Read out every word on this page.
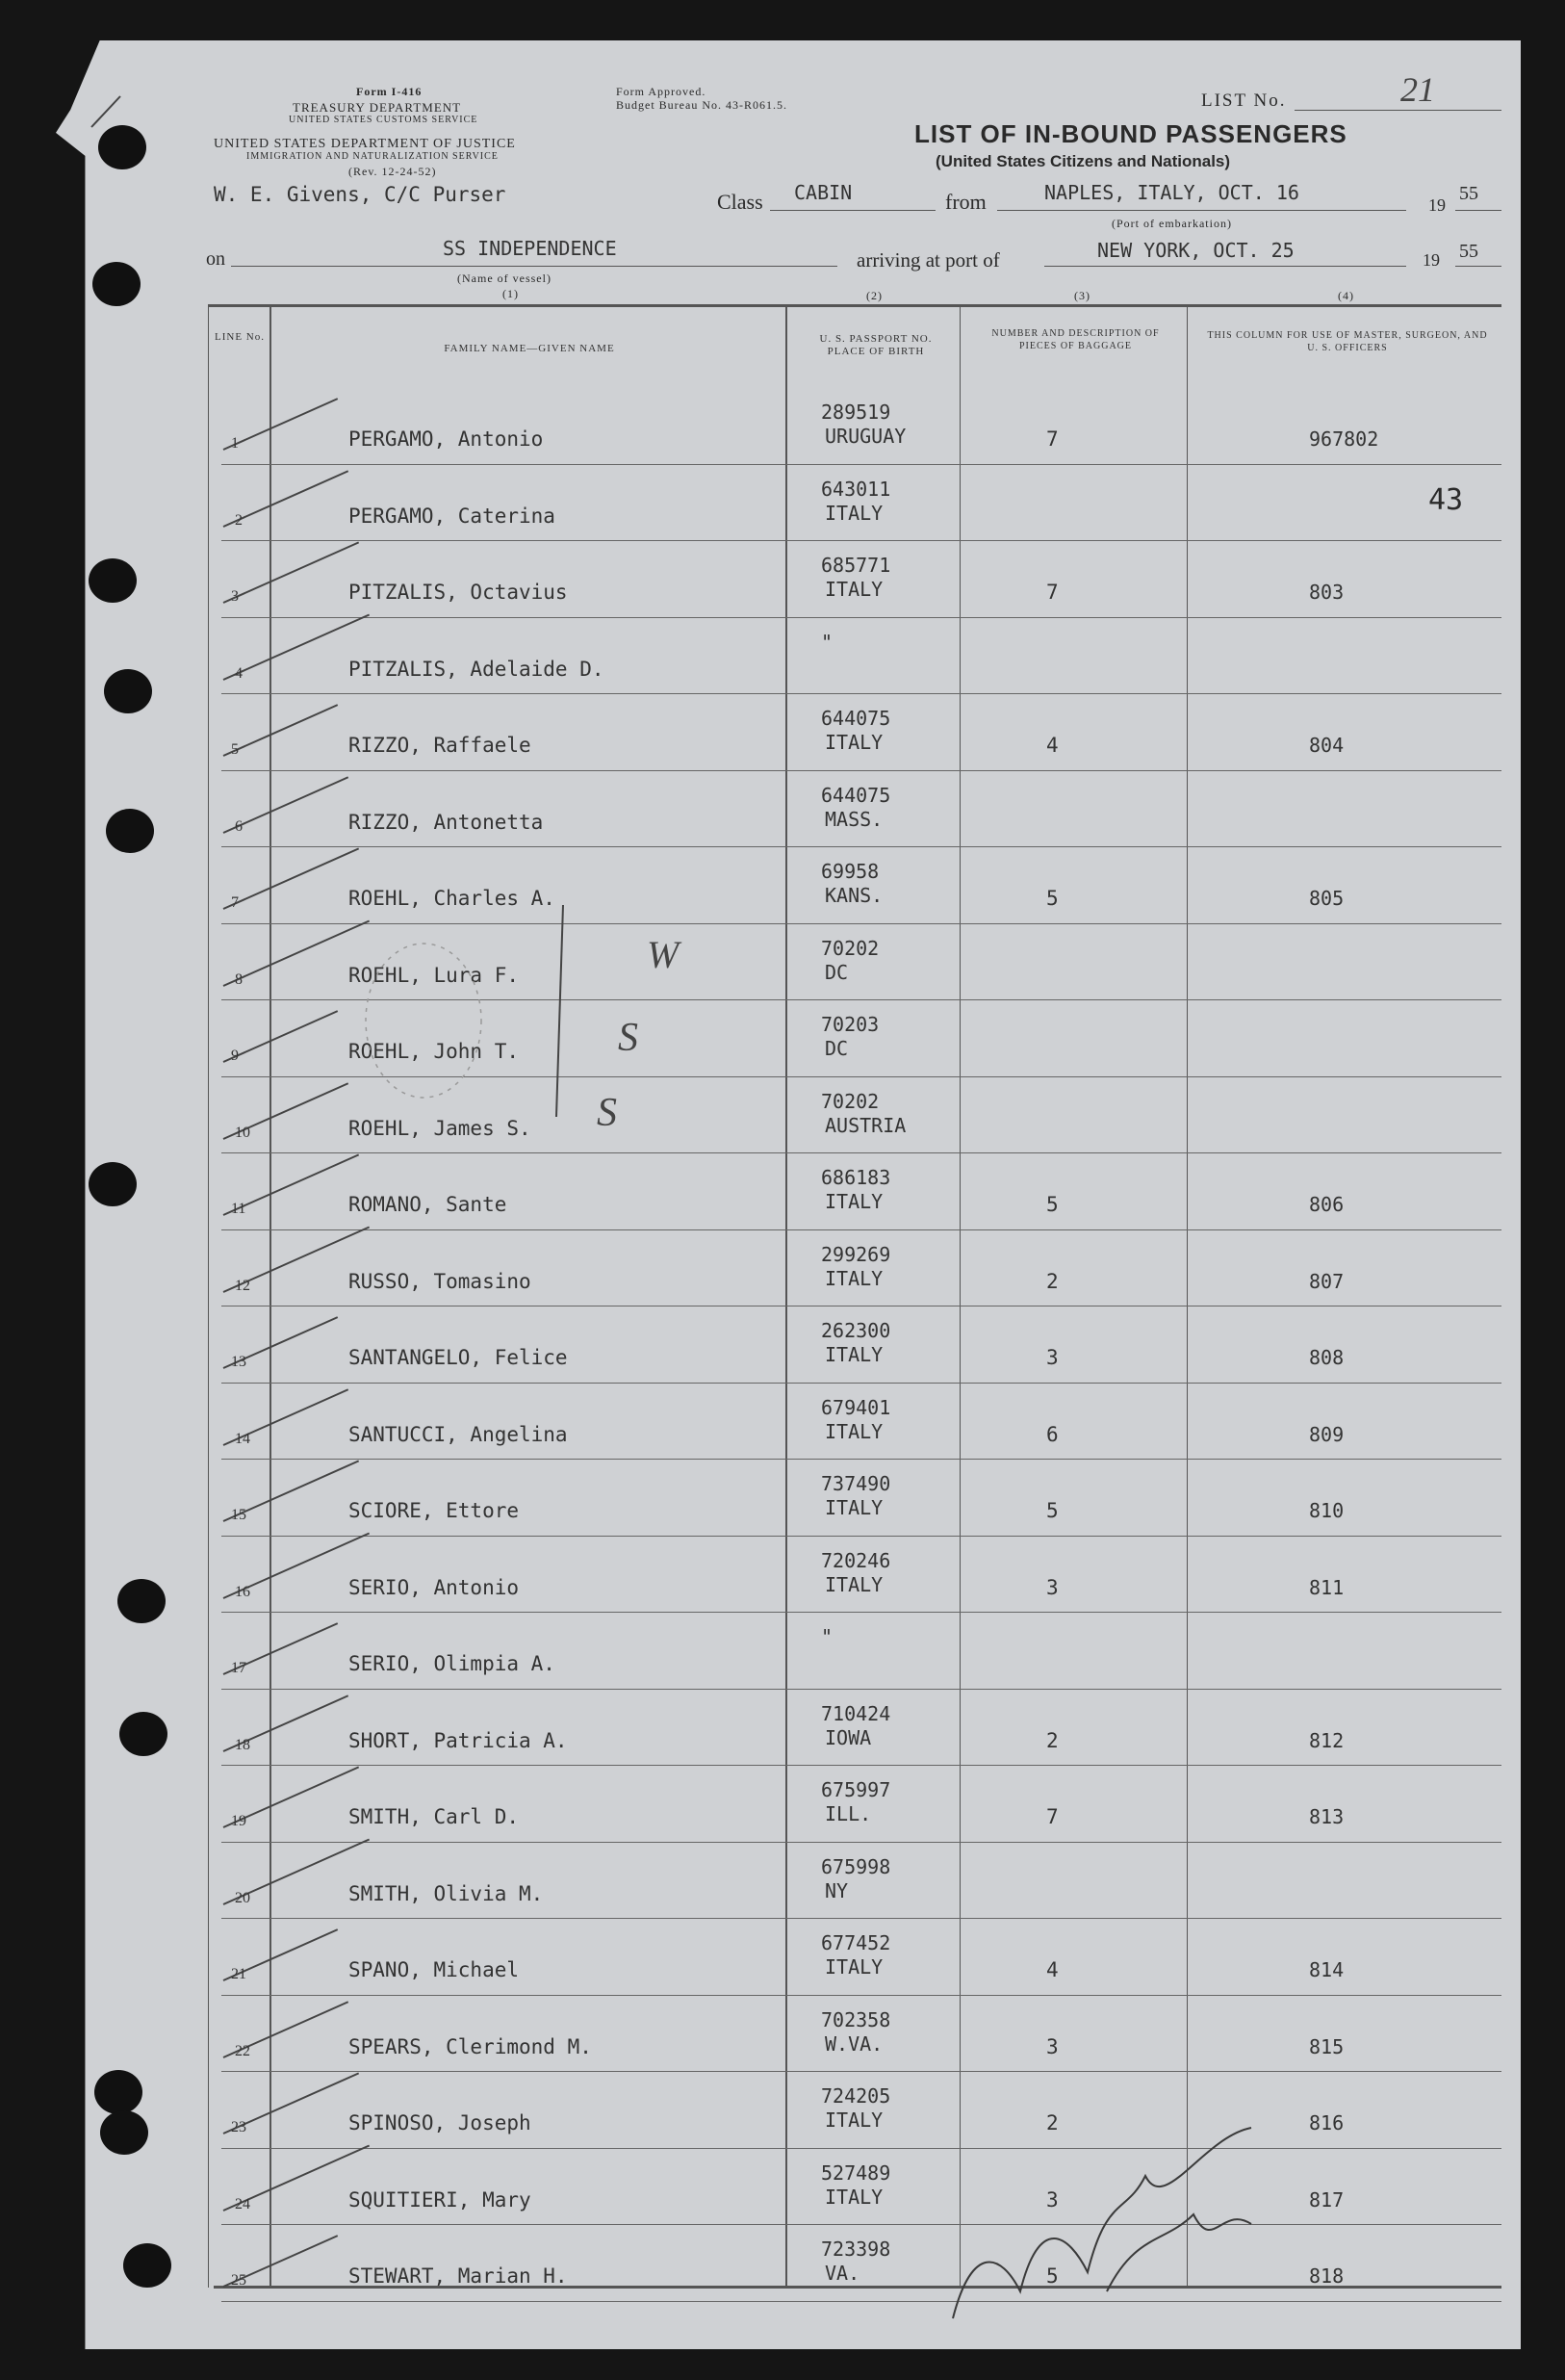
Form I-416
TREASURY DEPARTMENT
UNITED STATES CUSTOMS SERVICE
Form Approved.
Budget Bureau No. 43-R061.5.
UNITED STATES DEPARTMENT OF JUSTICE
IMMIGRATION AND NATURALIZATION SERVICE
(Rev. 12-24-52)
LIST No.	21
LIST OF IN-BOUND PASSENGERS
(United States Citizens and Nationals)
W. E. Givens, C/C Purser	Class CABIN	from	NAPLES, ITALY, OCT. 16
19
55
(Port of embarkation)
on	SS INDEPENDENCE	arriving at port of	NEW YORK, OCT. 25	19 55
(Name of vessel)
(1)	(2)	(3)	(4)
LINE No.
FAMILY NAME—GIVEN NAME
U. S. PASSPORT NO. PLACE OF BIRTH
NUMBER AND DESCRIPTION OF PIECES OF BAGGAGE
THIS COLUMN FOR USE OF MASTER, SURGEON, AND U. S. OFFICERS
1	PERGAMO, Antonio
289519
URUGUAY	7	967802
2	PERGAMO, Caterina
643011
ITALY
3	PITZALIS, Octavius
685771
ITALY	7	803
4	PITZALIS, Adelaide D.
"
5	RIZZO, Raffaele
644075
ITALY	4	804
6	RIZZO, Antonetta
644075
MASS.
7	ROEHL, Charles A.
69958
KANS.	5	805
8	ROEHL, Lura F.
70202
DC
9	ROEHL, John T.
70203
DC
10	ROEHL, James S.
70202
AUSTRIA
11	ROMANO, Sante
686183
ITALY	5	806
12	RUSSO, Tomasino
299269
ITALY	2	807
13	SANTANGELO, Felice
262300
ITALY	3	808
14	SANTUCCI, Angelina
679401
ITALY	6	809
15	SCIORE, Ettore
737490
ITALY	5	810
16	SERIO, Antonio
720246
ITALY	3	811
17	SERIO, Olimpia A.
"
18	SHORT, Patricia A.
710424
IOWA	2	812
19	SMITH, Carl D.
675997
ILL.	7	813
20	SMITH, Olivia M.
675998
NY
21	SPANO, Michael
677452
ITALY	4	814
22	SPEARS, Clerimond M.
702358
W.VA.	3	815
23	SPINOSO, Joseph
724205
ITALY	2	816
24	SQUITIERI, Mary
527489
ITALY	3	817
25	STEWART, Marian H.
723398
VA.	5	818
43
W
S
S
